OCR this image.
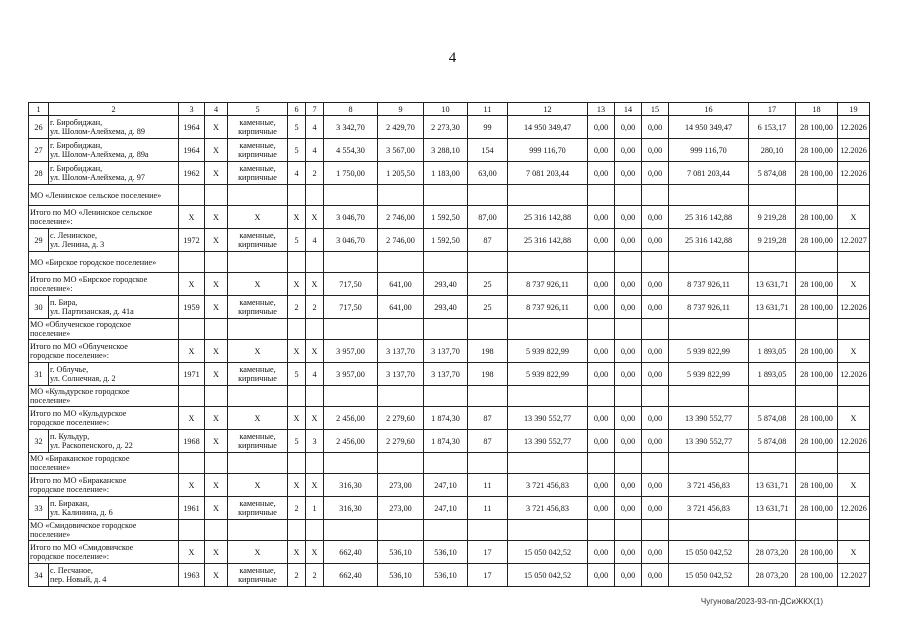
4
1	2	3	4	5	6	7	8	9	10	11	12	13	14	15	16	17	18	19
26	г. Биробиджан,
ул. Шолом-Алейхема, д. 89	1964	Х	каменные,
кирпичные	5	4	3 342,70	2 429,70	2 273,30	99	14 950 349,47	0,00	0,00	0,00	14 950 349,47	6 153,17	28 100,00	12.2026
27	г. Биробиджан,
ул. Шолом-Алейхема, д. 89а	1964	Х	каменные,
кирпичные	5	4	4 554,30	3 567,00	3 288,10	154	999 116,70	0,00	0,00	0,00	999 116,70	280,10	28 100,00	12.2026
28	г. Биробиджан,
ул. Шолом-Алейхема, д. 97	1962	Х	каменные,
кирпичные	4	2	1 750,00	1 205,50	1 183,00	63,00	7 081 203,44	0,00	0,00	0,00	7 081 203,44	5 874,08	28 100,00	12.2026
МО «Ленинское сельское поселение»																		
Итого по МО «Ленинское сельское поселение»:		Х	Х	Х	Х	Х	3 046,70	2 746,00	1 592,50	87,00	25 316 142,88	0,00	0,00	0,00	25 316 142,88	9 219,28	28 100,00	Х
29	с. Ленинское,
ул. Ленина, д. 3	1972	Х	каменные,
кирпичные	5	4	3 046,70	2 746,00	1 592,50	87	25 316 142,88	0,00	0,00	0,00	25 316 142,88	9 219,28	28 100,00	12.2027
МО «Бирское городское поселение»																		
Итого по МО «Бирское городское поселение»:		Х	Х	Х	Х	Х	717,50	641,00	293,40	25	8 737 926,11	0,00	0,00	0,00	8 737 926,11	13 631,71	28 100,00	Х
30	п. Бира,
ул. Партизанская, д. 41а	1959	Х	каменные,
кирпичные	2	2	717,50	641,00	293,40	25	8 737 926,11	0,00	0,00	0,00	8 737 926,11	13 631,71	28 100,00	12.2026
МО «Облученское городское
поселение»																		
Итого по МО «Облученское
городское поселение»:		Х	Х	Х	Х	Х	3 957,00	3 137,70	3 137,70	198	5 939 822,99	0,00	0,00	0,00	5 939 822,99	1 893,05	28 100,00	Х
31	г. Облучье,
ул. Солнечная, д. 2	1971	Х	каменные,
кирпичные	5	4	3 957,00	3 137,70	3 137,70	198	5 939 822,99	0,00	0,00	0,00	5 939 822,99	1 893,05	28 100,00	12.2026
МО «Кульдурское городское
поселение»																		
Итого по МО «Кульдурское
городское поселение»:		Х	Х	Х	Х	Х	2 456,00	2 279,60	1 874,30	87	13 390 552,77	0,00	0,00	0,00	13 390 552,77	5 874,08	28 100,00	Х
32	п. Кульдур,
ул. Раскопенского, д. 22	1968	Х	каменные,
кирпичные	5	3	2 456,00	2 279,60	1 874,30	87	13 390 552,77	0,00	0,00	0,00	13 390 552,77	5 874,08	28 100,00	12.2026
МО «Бираканское городское
поселение»																		
Итого по МО «Бираканское
городское поселение»:		Х	Х	Х	Х	Х	316,30	273,00	247,10	11	3 721 456,83	0,00	0,00	0,00	3 721 456,83	13 631,71	28 100,00	Х
33	п. Биракан,
ул. Калинина, д. 6	1961	Х	каменные,
кирпичные	2	1	316,30	273,00	247,10	11	3 721 456,83	0,00	0,00	0,00	3 721 456,83	13 631,71	28 100,00	12.2026
МО «Смидовичское городское
поселение»																		
Итого по МО «Смидовичское
городское поселение»:		Х	Х	Х	Х	Х	662,40	536,10	536,10	17	15 050 042,52	0,00	0,00	0,00	15 050 042,52	28 073,20	28 100,00	Х
34	с. Песчаное,
пер. Новый, д. 4	1963	Х	каменные,
кирпичные	2	2	662,40	536,10	536,10	17	15 050 042,52	0,00	0,00	0,00	15 050 042,52	28 073,20	28 100,00	12.2027
Чугунова/2023-93-пп-ДСиЖКХ(1)
